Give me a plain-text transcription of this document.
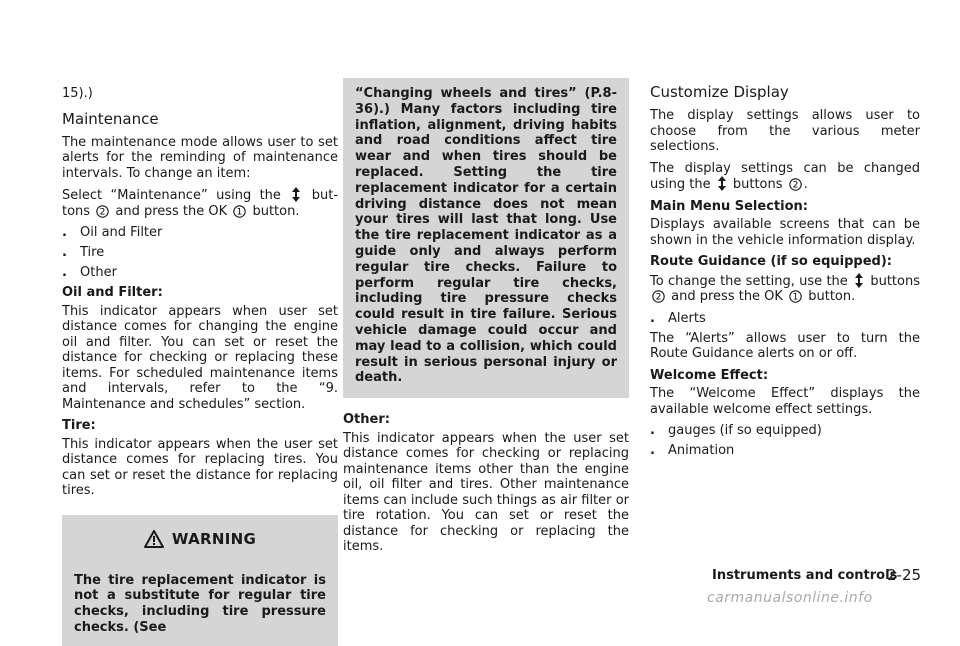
15).)

Maintenance

The maintenance mode allows user to set alerts for the reminding of maintenance intervals. To change an item:

Select “Maintenance” using the but- tons 2 and press the OK 1 button.

.	Oil and Filter
.	Tire
.	Other

Oil and Filter:

This indicator appears when user set distance comes for changing the engine oil and filter. You can set or reset the distance for checking or replacing these items. For scheduled maintenance items and intervals, refer to the “9. Maintenance and schedules” section.

Tire:

This indicator appears when the user set distance comes for replacing tires. You can set or reset the distance for replacing tires.

WARNING
The tire replacement indicator is not a substitute for regular tire checks, including tire pressure checks. (See
“Changing wheels and tires” (P.8-36).) Many factors including tire inflation, alignment, driving habits and road conditions affect tire wear and when tires should be replaced. Setting the tire replacement indicator for a certain driving distance does not mean your tires will last that long. Use the tire replacement indicator as a guide only and always perform regular tire checks. Failure to perform regular tire checks, including tire pressure checks could result in tire failure. Serious vehicle damage could occur and may lead to a collision, which could result in serious personal injury or death.

Other:

This indicator appears when the user set distance comes for checking or replacing maintenance items other than the engine oil, oil filter and tires. Other maintenance items can include such things as air filter or tire rotation. You can set or reset the distance for checking or replacing the items.

Customize Display

The display settings allows user to choose from the various meter selections.

The display settings can be changed using the buttons 2 .

Main Menu Selection:

Displays available screens that can be shown in the vehicle information display.

Route Guidance (if so equipped):

To change the setting, use the buttons
2 and press the OK 1 button.

.	Alerts

The “Alerts” allows user to turn the Route Guidance alerts on or off.

Welcome Effect:

The “Welcome Effect” displays the available welcome effect settings.

.	gauges (if so equipped)
.	Animation
Instruments and controls
2-25
carmanualsonline.info
